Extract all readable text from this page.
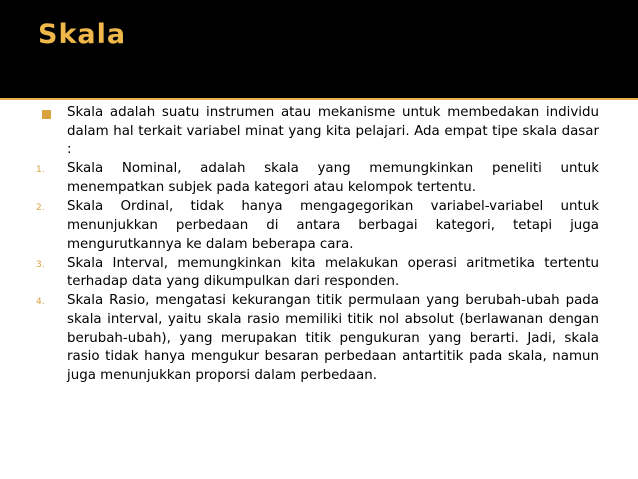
Skala
Skala adalah suatu instrumen atau mekanisme untuk membedakan individu dalam hal terkait variabel minat yang kita pelajari. Ada empat tipe skala dasar :
1. Skala Nominal, adalah skala yang memungkinkan peneliti untuk menempatkan subjek pada kategori atau kelompok tertentu.
2. Skala Ordinal, tidak hanya mengagegorikan variabel-variabel untuk menunjukkan perbedaan di antara berbagai kategori, tetapi juga mengurutkannya ke dalam beberapa cara.
3. Skala Interval, memungkinkan kita melakukan operasi aritmetika tertentu terhadap data yang dikumpulkan dari responden.
4. Skala Rasio, mengatasi kekurangan titik permulaan yang berubah-ubah pada skala interval, yaitu skala rasio memiliki titik nol absolut (berlawanan dengan berubah-ubah), yang merupakan titik pengukuran yang berarti. Jadi, skala rasio tidak hanya mengukur besaran perbedaan antartitik pada skala, namun juga menunjukkan proporsi dalam perbedaan.
